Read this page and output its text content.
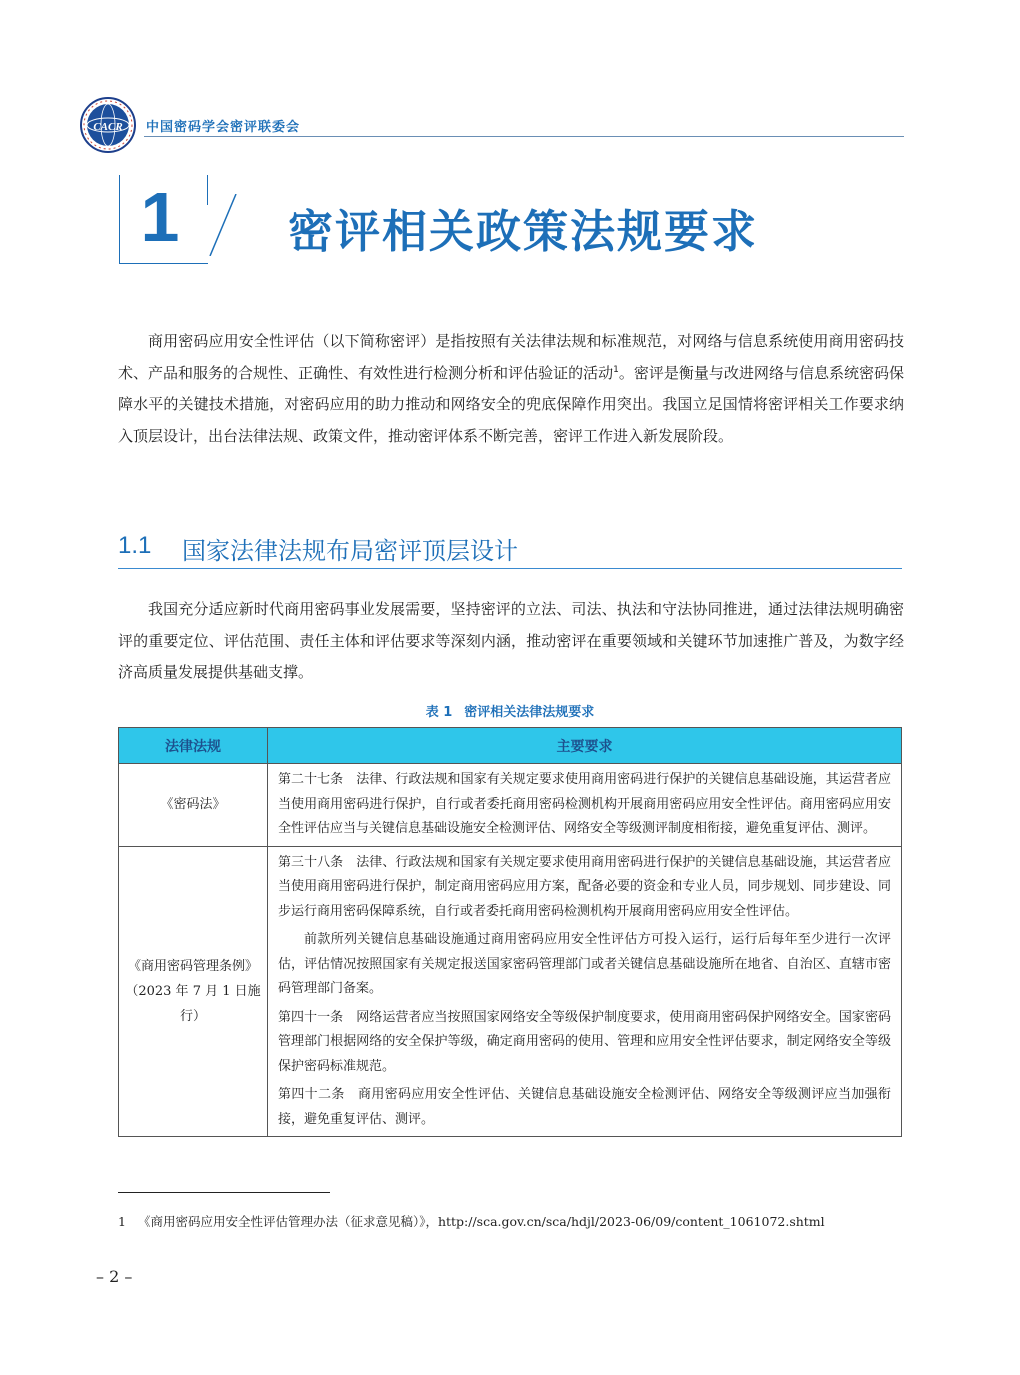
CACR 中国密码学会密评联委会
1	密评相关政策法规要求

商用密码应用安全性评估（以下简称密评）是指按照有关法律法规和标准规范，对网络与信息系统使用商用密码技术、产品和服务的合规性、正确性、有效性进行检测分析和评估验证的活动$^1$。密评是衡量与改进网络与信息系统密码保障水平的关键技术措施，对密码应用的助力推动和网络安全的兜底保障作用突出。我国立足国情将密评相关工作要求纳入顶层设计，出台法律法规、政策文件，推动密评体系不断完善，密评工作进入新发展阶段。

1.1 国家法律法规布局密评顶层设计

我国充分适应新时代商用密码事业发展需要，坚持密评的立法、司法、执法和守法协同推进，通过法律法规明确密评的重要定位、评估范围、责任主体和评估要求等深刻内涵，推动密评在重要领域和关键环节加速推广普及，为数字经济高质量发展提供基础支撑。

表 1 密评相关法律法规要求
法律法规	主要要求
《密码法》	第二十七条　法律、行政法规和国家有关规定要求使用商用密码进行保护的关键信息基础设施，其运营者应当使用商用密码进行保护，自行或者委托商用密码检测机构开展商用密码应用安全性评估。商用密码应用安全性评估应当与关键信息基础设施安全检测评估、网络安全等级测评制度相衔接，避免重复评估、测评。

《商用密码管理条例》（2023 年 7 月 1 日施行）	第三十八条　法律、行政法规和国家有关规定要求使用商用密码进行保护的关键信息基础设施，其运营者应当使用商用密码进行保护，制定商用密码应用方案，配备必要的资金和专业人员，同步规划、同步建设、同步运行商用密码保障系统，自行或者委托商用密码检测机构开展商用密码应用安全性评估。

前款所列关键信息基础设施通过商用密码应用安全性评估方可投入运行，运行后每年至少进行一次评估，评估情况按照国家有关规定报送国家密码管理部门或者关键信息基础设施所在地省、自治区、直辖市密码管理部门备案。

第四十一条　网络运营者应当按照国家网络安全等级保护制度要求，使用商用密码保护网络安全。国家密码管理部门根据网络的安全保护等级，确定商用密码的使用、管理和应用安全性评估要求，制定网络安全等级保护密码标准规范。

第四十二条　商用密码应用安全性评估、关键信息基础设施安全检测评估、网络安全等级测评应当加强衔接，避免重复评估、测评。

1 《商用密码应用安全性评估管理办法（征求意见稿）》，http://sca.gov.cn/sca/hdjl/2023-06/09/content_1061072.shtml
– 2 –
